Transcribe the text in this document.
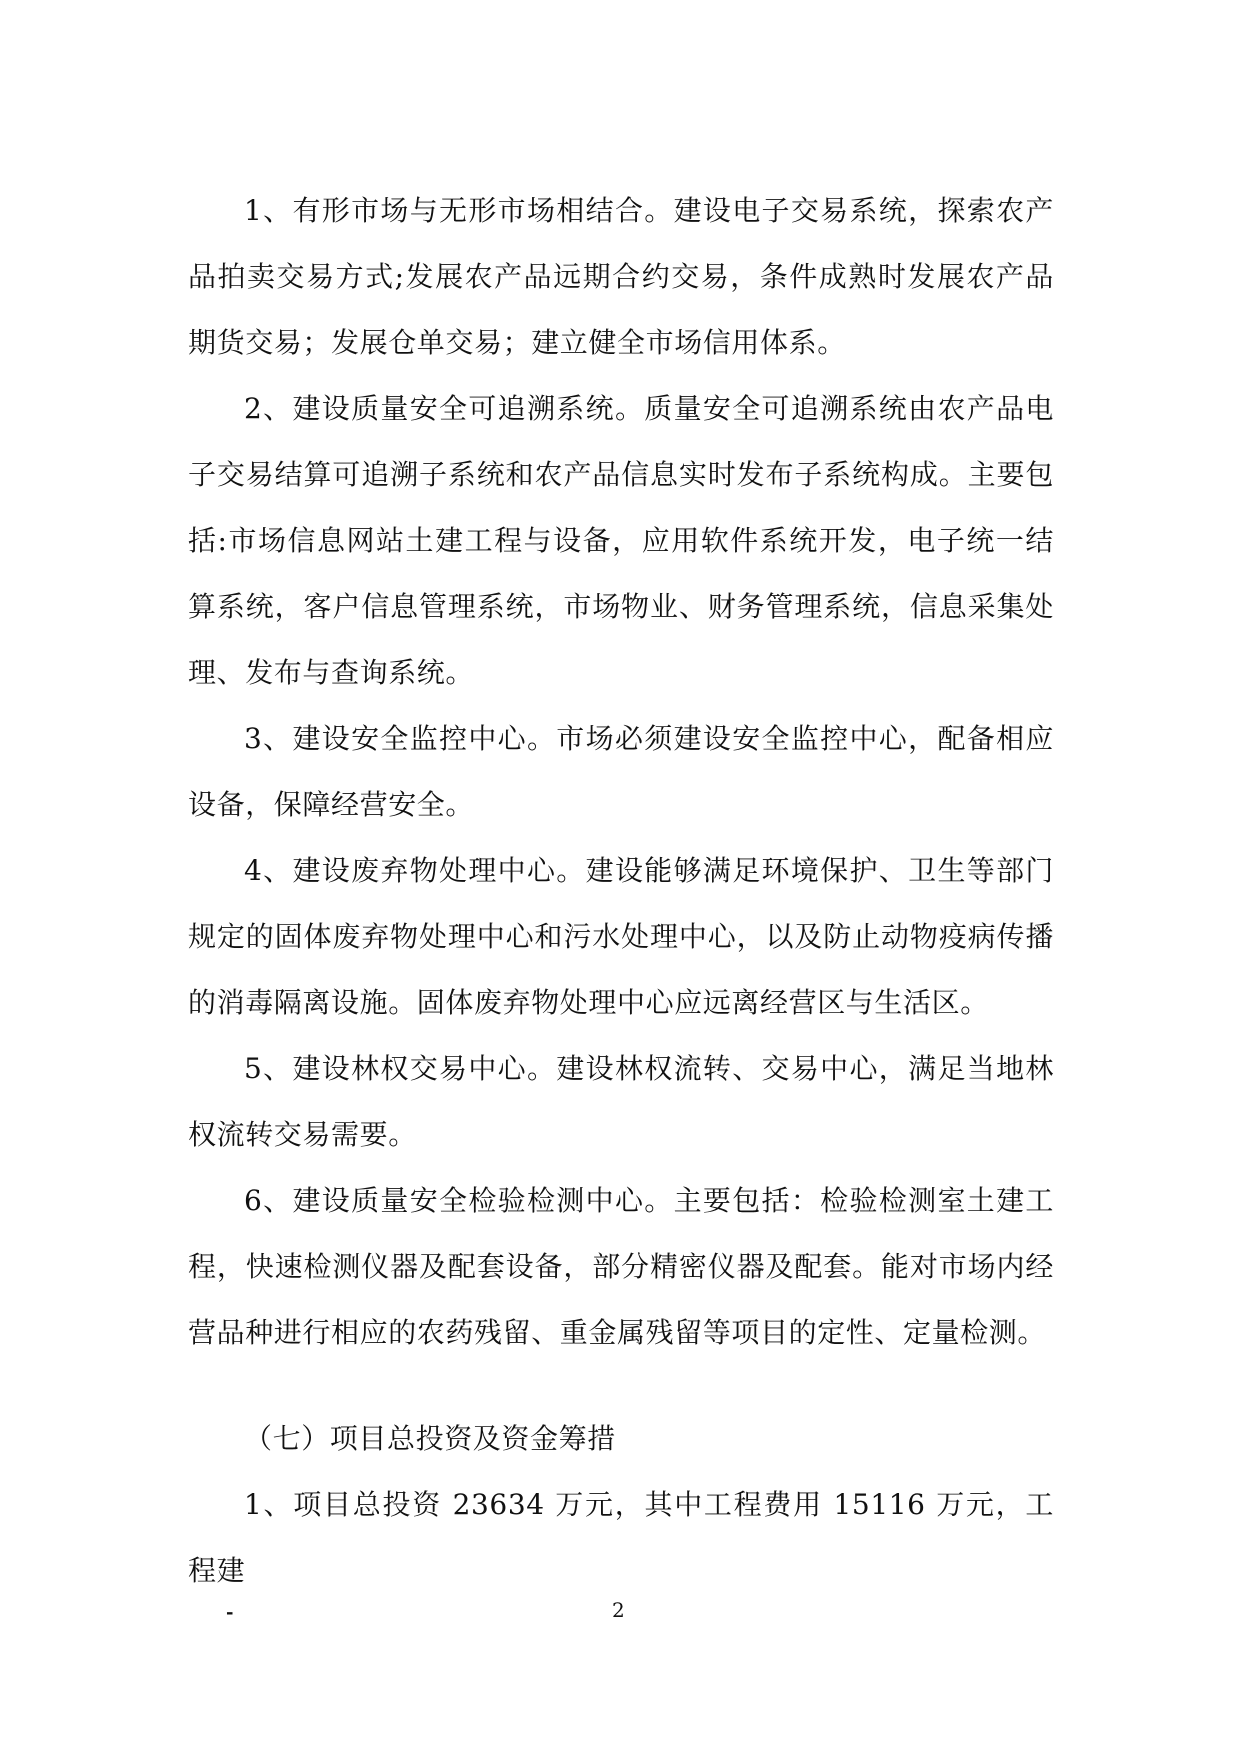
1、有形市场与无形市场相结合。建设电子交易系统，探索农产品拍卖交易方式;发展农产品远期合约交易，条件成熟时发展农产品期货交易；发展仓单交易；建立健全市场信用体系。

2、建设质量安全可追溯系统。质量安全可追溯系统由农产品电子交易结算可追溯子系统和农产品信息实时发布子系统构成。主要包括:市场信息网站土建工程与设备，应用软件系统开发，电子统一结算系统，客户信息管理系统，市场物业、财务管理系统，信息采集处理、发布与查询系统。

3、建设安全监控中心。市场必须建设安全监控中心，配备相应设备，保障经营安全。

4、建设废弃物处理中心。建设能够满足环境保护、卫生等部门规定的固体废弃物处理中心和污水处理中心，以及防止动物疫病传播的消毒隔离设施。固体废弃物处理中心应远离经营区与生活区。

5、建设林权交易中心。建设林权流转、交易中心，满足当地林权流转交易需要。

6、建设质量安全检验检测中心。主要包括：检验检测室土建工程，快速检测仪器及配套设备，部分精密仪器及配套。能对市场内经营品种进行相应的农药残留、重金属残留等项目的定性、定量检测。

（七）项目总投资及资金筹措

1、项目总投资 23634 万元，其中工程费用 15116 万元，工程建

-	2
